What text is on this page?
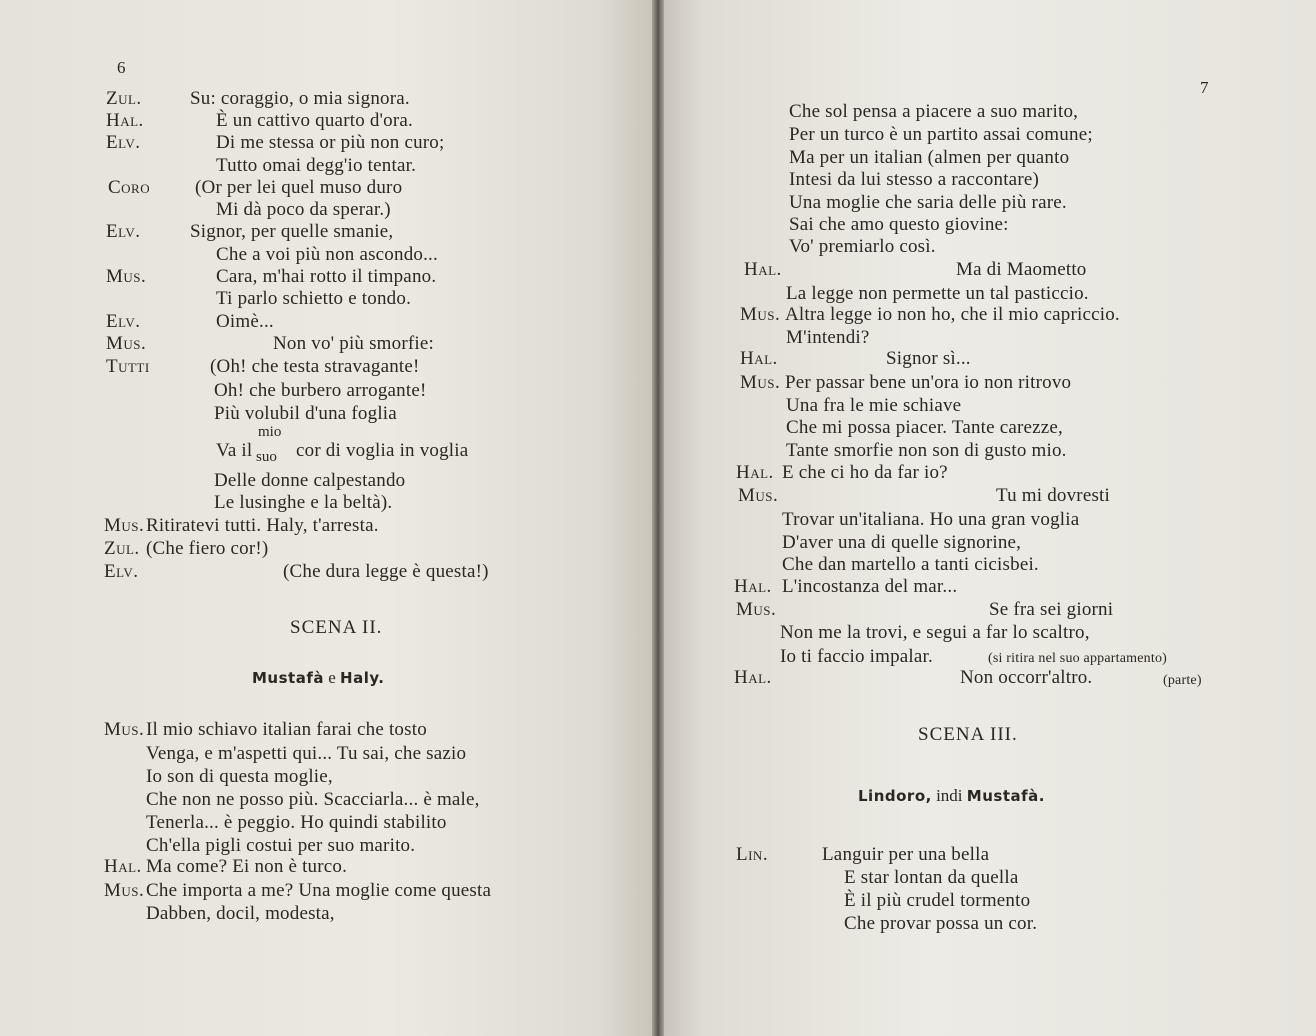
6
Zul.	Su: coraggio, o mia signora.
Hal.	È un cattivo quarto d'ora.
Elv.	Di me stessa or più non curo;
Tutto omai degg'io tentar.
Coro (Or per lei quel muso duro
Mi dà poco da sperar.)
Elv.	Signor, per quelle smanie,
Che a voi più non ascondo...
Mus.	Cara, m'hai rotto il timpano.
Ti parlo schietto e tondo.
Elv.	Oimè...
Mus.	Non vo' più smorfie:
Tutti	(Oh! che testa stravagante!
Oh! che burbero arrogante!
Più volubil d'una foglia
Va il
mio
suo cor di voglia in voglia
Delle donne calpestando
Le lusinghe e la beltà).
Mus. Ritiratevi tutti. Haly, t'arresta.
Zul. (Che fiero cor!)
Elv.	(Che dura legge è questa!)
SCENA II.
Mustafà e Haly.
Mus. Il mio schiavo italian farai che tosto
Venga, e m'aspetti qui... Tu sai, che sazio
Io son di questa moglie,
Che non ne posso più. Scacciarla... è male,
Tenerla... è peggio. Ho quindi stabilito
Ch'ella pigli costui per suo marito.
Hal. Ma come? Ei non è turco.
Mus. Che importa a me? Una moglie come questa
Dabben, docil, modesta,
7
Che sol pensa a piacere a suo marito,
Per un turco è un partito assai comune;
Ma per un italian (almen per quanto
Intesi da lui stesso a raccontare)
Una moglie che saria delle più rare.
Sai che amo questo giovine:
Vo' premiarlo così.
Hal.	Ma di Maometto
La legge non permette un tal pasticcio.
Mus. Altra legge io non ho, che il mio capriccio.
M'intendi?
Hal.	Signor sì...
Mus. Per passar bene un'ora io non ritrovo
Una fra le mie schiave
Che mi possa piacer. Tante carezze,
Tante smorfie non son di gusto mio.
Hal. E che ci ho da far io?
Mus.	Tu mi dovresti
Trovar un'italiana. Ho una gran voglia
D'aver una di quelle signorine,
Che dan martello a tanti cicisbei.
Hal. L'incostanza del mar...
Mus.	Se fra sei giorni
Non me la trovi, e segui a far lo scaltro,
Io ti faccio impalar.	(si ritira nel suo appartamento)
Hal.	Non occorr'altro.	(parte)
SCENA III.
Lindoro, indi Mustafà.
Lin.	Languir per una bella
E star lontan da quella
È il più crudel tormento
Che provar possa un cor.
